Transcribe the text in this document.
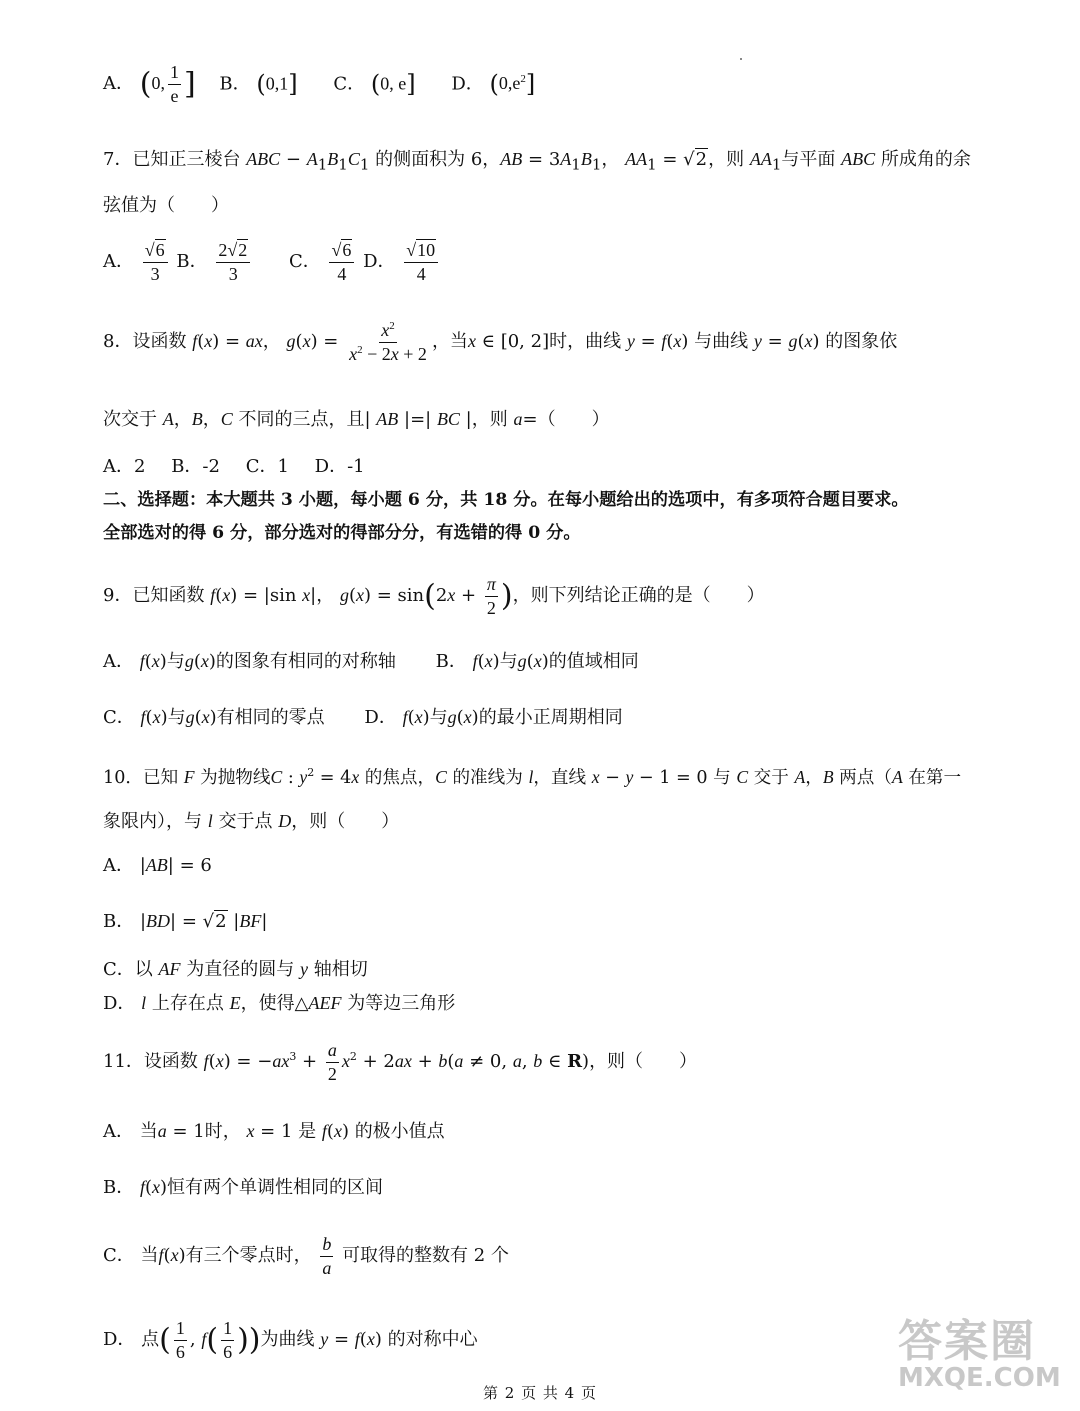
A． (0, $\frac{1}{e}$ ] B． (0,1] C． (0, e] D． $(0,e^2]$
7．已知正三棱台 ABC − $A_1B_1C_1$ 的侧面积为 6，AB = $3A_1B_1$， $AA_1 = √2$，则 $AA_1$与平面 ABC 所成角的余
弦值为（　　）
A． $\frac{√6}{3}$ B． $\frac{2√2}{3}$ C． $\frac{√6}{4}$ D． $\frac{√10}{4}$
8．设函数 f(x) = ax， $g(x) = \frac{x^2}{x^2 - 2x + 2}$ ，当x ∈ [0, 2]时，曲线 y = f(x) 与曲线 y = g(x) 的图象依
次交于 A，B，C 不同的三点，且| AB |=| BC |，则 a=（　　）
A．2 B．-2 C．1 D．-1
二、选择题：本大题共 3 小题，每小题 6 分，共 18 分。在每小题给出的选项中，有多项符合题目要求。
全部选对的得 6 分，部分选对的得部分分，有选错的得 0 分。
9．已知函数 f(x) = |sin x|， $g(x) = \sin(2x + \frac{\pi}{2}$ )，则下列结论正确的是（　　）
A． f(x)与g(x)的图象有相同的对称轴 B． f(x)与g(x)的值域相同
C． f(x)与g(x)有相同的零点 D． f(x)与g(x)的最小正周期相同
10．已知 F 为抛物线C : $y^2 = 4x$ 的焦点，C 的准线为 l，直线 x − y − 1 = 0 与 C 交于 A，B 两点（A 在第一
象限内），与 l 交于点 D，则（　　）
A． |AB| = 6
B． |BD| = √2 |BF|
C．以 AF 为直径的圆与 y 轴相切
D． l 上存在点 E，使得△AEF 为等边三角形
11．设函数 $f(x) = -ax^3 + \frac{a}{2} x^2 + 2ax + b(a \ne 0$, a, b ∈ R)，则（　　）
A． 当a = 1时， x = 1 是 f(x) 的极小值点
B． f(x)恒有两个单调性相同的区间
C． 当f(x)有三个零点时， $\frac{b}{a}$ 可取得的整数有 2 个
D． 点( $\frac{1}{6}$ , $f( \frac{1}{6}$ ))为曲线 y = f(x) 的对称中心
第 2 页 共 4 页
答案圈
MXQE.COM
